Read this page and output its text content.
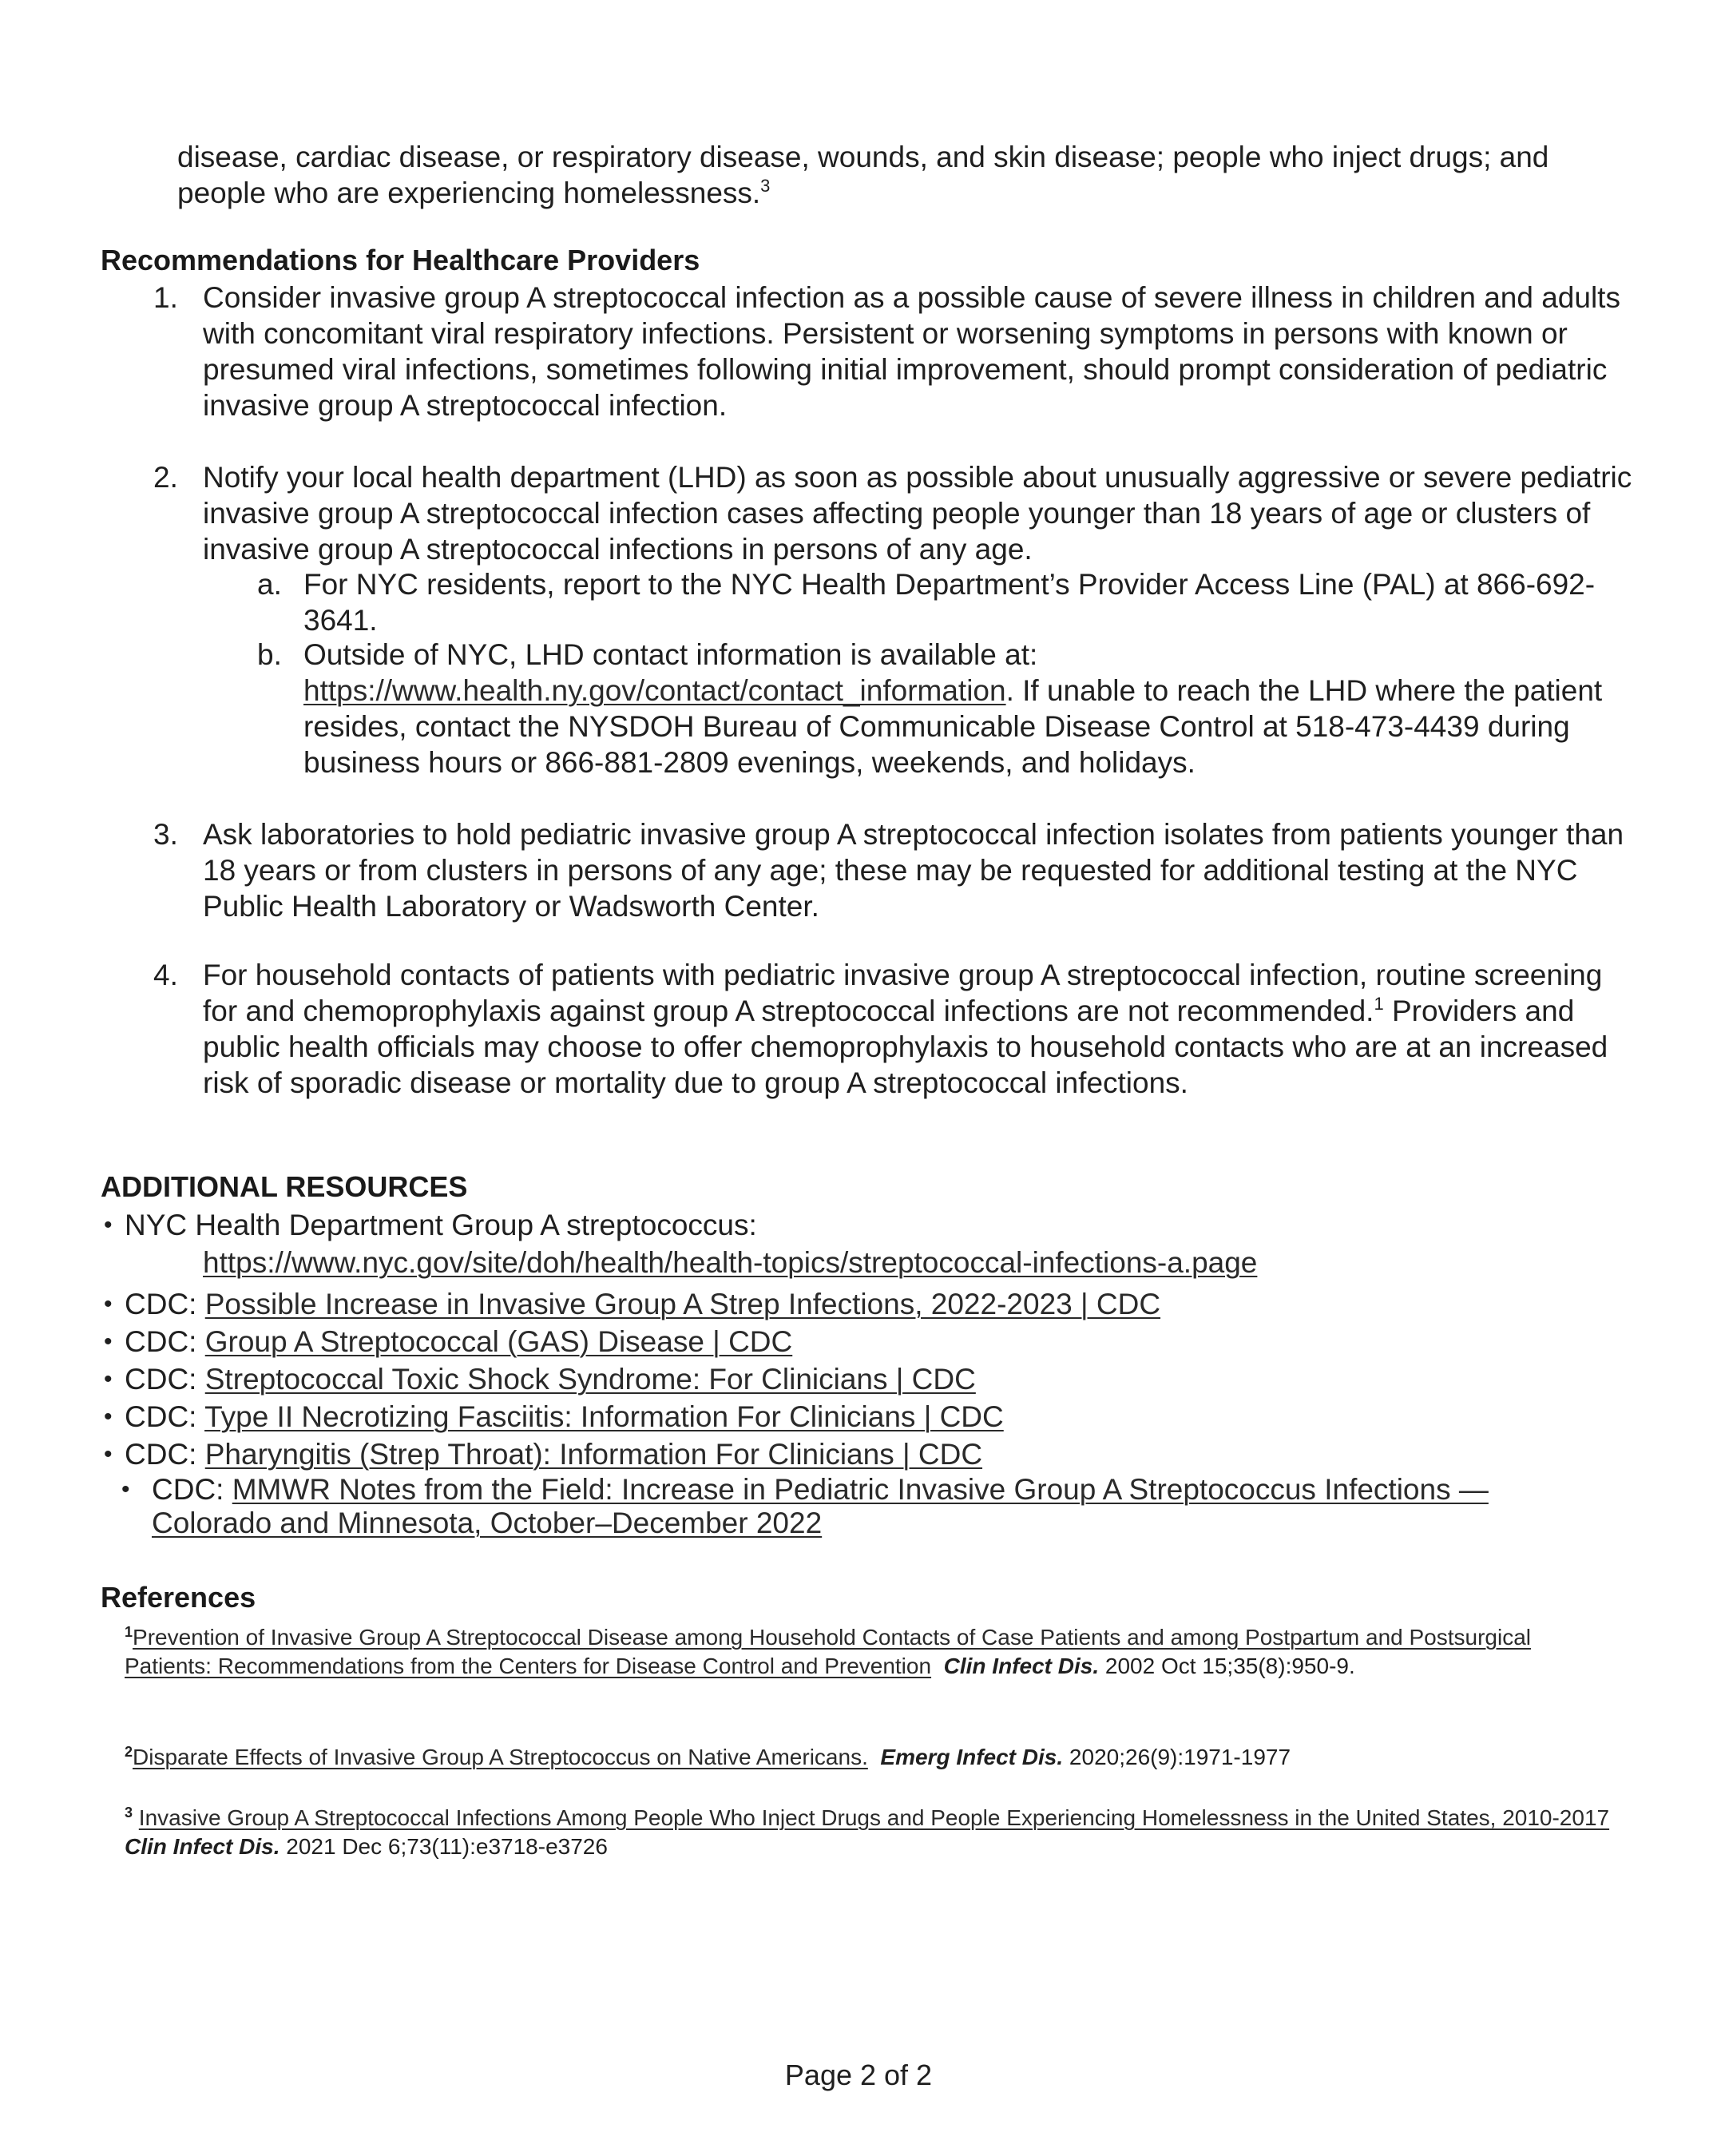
disease, cardiac disease, or respiratory disease, wounds, and skin disease; people who inject drugs; and
people who are experiencing homelessness.$^3$
Recommendations for Healthcare Providers
1. Consider invasive group A streptococcal infection as a possible cause of severe illness in children and adults with concomitant viral respiratory infections. Persistent or worsening symptoms in persons with known or presumed viral infections, sometimes following initial improvement, should prompt consideration of pediatric invasive group A streptococcal infection.
2. Notify your local health department (LHD) as soon as possible about unusually aggressive or severe pediatric invasive group A streptococcal infection cases affecting people younger than 18 years of age or clusters of invasive group A streptococcal infections in persons of any age.
a. For NYC residents, report to the NYC Health Department’s Provider Access Line (PAL) at 866-692-3641.
b. Outside of NYC, LHD contact information is available at: https://www.health.ny.gov/contact/contact_information. If unable to reach the LHD where the patient resides, contact the NYSDOH Bureau of Communicable Disease Control at 518-473-4439 during business hours or 866-881-2809 evenings, weekends, and holidays.
3. Ask laboratories to hold pediatric invasive group A streptococcal infection isolates from patients younger than 18 years or from clusters in persons of any age; these may be requested for additional testing at the NYC Public Health Laboratory or Wadsworth Center.
4. For household contacts of patients with pediatric invasive group A streptococcal infection, routine screening for and chemoprophylaxis against group A streptococcal infections are not recommended.$^1$ Providers and public health officials may choose to offer chemoprophylaxis to household contacts who are at an increased risk of sporadic disease or mortality due to group A streptococcal infections.
ADDITIONAL RESOURCES
• NYC Health Department Group A streptococcus:
https://www.nyc.gov/site/doh/health/health-topics/streptococcal-infections-a.page
• CDC: Possible Increase in Invasive Group A Strep Infections, 2022-2023 | CDC
• CDC: Group A Streptococcal (GAS) Disease | CDC
• CDC: Streptococcal Toxic Shock Syndrome: For Clinicians | CDC
• CDC: Type II Necrotizing Fasciitis: Information For Clinicians | CDC
• CDC: Pharyngitis (Strep Throat): Information For Clinicians | CDC
• CDC: MMWR Notes from the Field: Increase in Pediatric Invasive Group A Streptococcus Infections — Colorado and Minnesota, October–December 2022
References
$^1$Prevention of Invasive Group A Streptococcal Disease among Household Contacts of Case Patients and among Postpartum and Postsurgical Patients: Recommendations from the Centers for Disease Control and Prevention Clin Infect Dis. 2002 Oct 15;35(8):950-9.
$^2$Disparate Effects of Invasive Group A Streptococcus on Native Americans. Emerg Infect Dis. 2020;26(9):1971-1977
$^3$ Invasive Group A Streptococcal Infections Among People Who Inject Drugs and People Experiencing Homelessness in the United States, 2010-2017  Clin Infect Dis. 2021 Dec 6;73(11):e3718-e3726
Page 2 of 2
